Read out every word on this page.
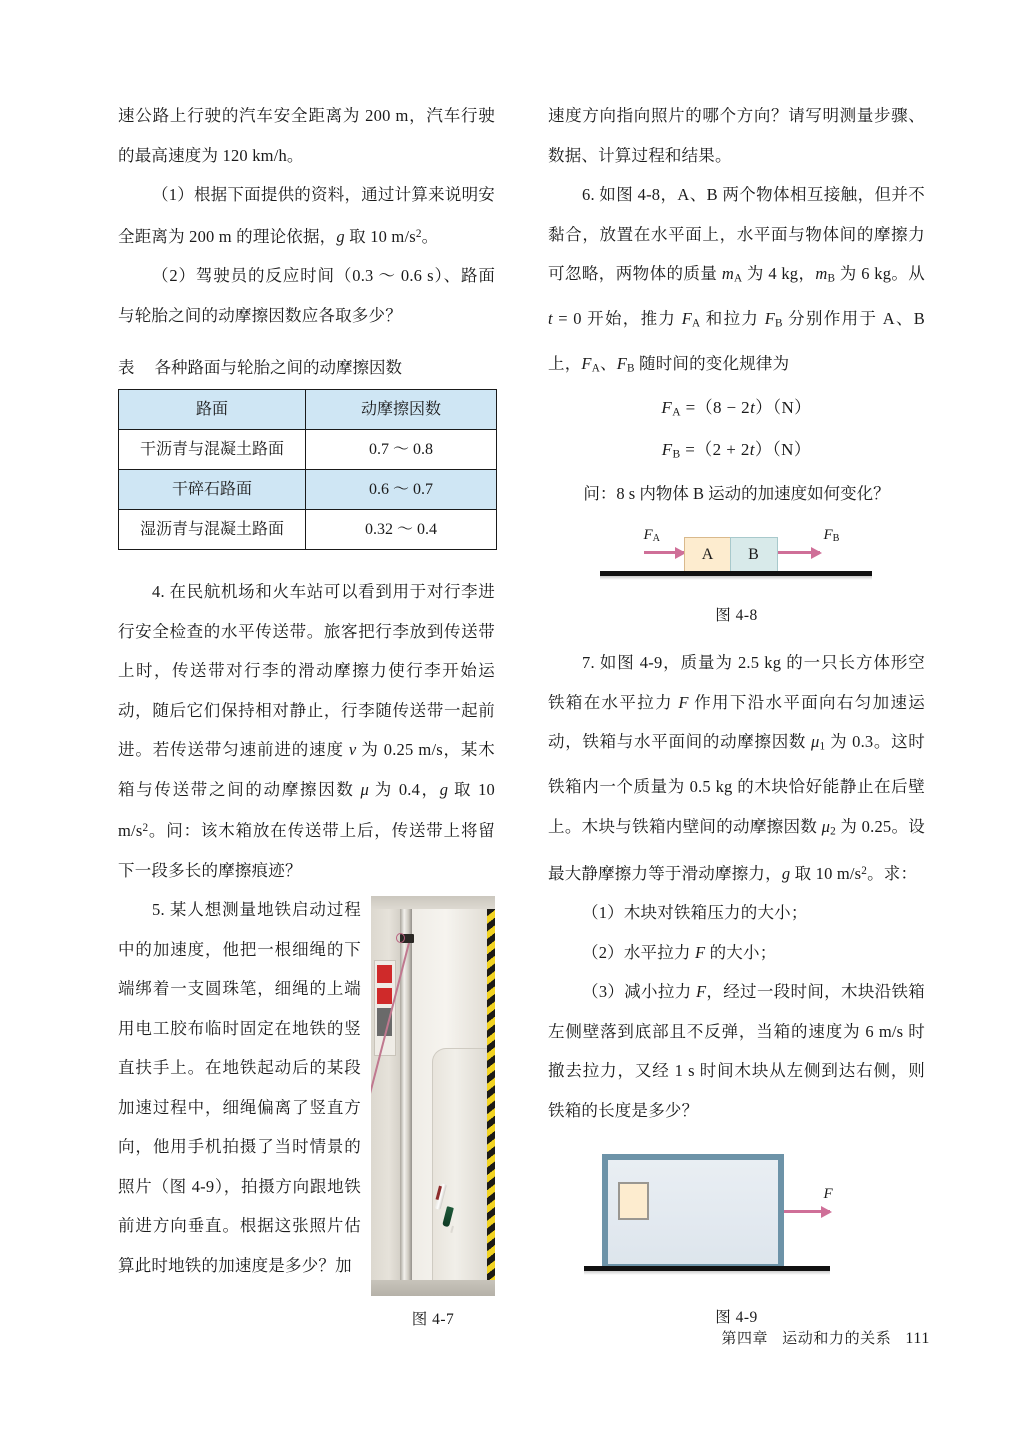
速公路上行驶的汽车安全距离为 200 m，汽车行驶的最高速度为 120 km/h。

（1）根据下面提供的资料，通过计算来说明安全距离为 200 m 的理论依据，g 取 10 $m/s^2$。

（2）驾驶员的反应时间（0.3 ～ 0.6 s）、路面与轮胎之间的动摩擦因数应各取多少？

表 各种路面与轮胎之间的动摩擦因数
路面	动摩擦因数
干沥青与混凝土路面	0.7 ～ 0.8
干碎石路面	0.6 ～ 0.7
湿沥青与混凝土路面	0.32 ～ 0.4

4. 在民航机场和火车站可以看到用于对行李进行安全检查的水平传送带。旅客把行李放到传送带上时，传送带对行李的滑动摩擦力使行李开始运动，随后它们保持相对静止，行李随传送带一起前进。若传送带匀速前进的速度 v 为 0.25 m/s，某木箱与传送带之间的动摩擦因数 μ 为 0.4，g 取 10 $m/s^2$。问：该木箱放在传送带上后，传送带上将留下一段多长的摩擦痕迹？

图 4-7

5. 某人想测量地铁启动过程中的加速度，他把一根细绳的下端绑着一支圆珠笔，细绳的上端用电工胶布临时固定在地铁的竖直扶手上。在地铁起动后的某段加速过程中，细绳偏离了竖直方向，他用手机拍摄了当时情景的照片（图 4-9），拍摄方向跟地铁前进方向垂直。根据这张照片估算此时地铁的加速度是多少？加

速度方向指向照片的哪个方向？请写明测量步骤、数据、计算过程和结果。

6. 如图 4-8，A、B 两个物体相互接触，但并不黏合，放置在水平面上，水平面与物体间的摩擦力可忽略，两物体的质量 $m_A$ 为 4 kg，$m_B$ 为 6 kg。从 t = 0 开始，推力 $F_A$ 和拉力 $F_B$ 分别作用于 A、B 上，$F_A$、$F_B$ 随时间的变化规律为

$F_A =(8 - 2t)(N)$
$F_B =(2 + 2t)(N)$
问：8 s 内物体 B 运动的加速度如何变化？
$F_A$	$F_B$
A	B
图 4-8

7. 如图 4-9，质量为 2.5 kg 的一只长方体形空铁箱在水平拉力 F 作用下沿水平面向右匀加速运动，铁箱与水平面间的动摩擦因数 $\mu_1$ 为 0.3。这时铁箱内一个质量为 0.5 kg 的木块恰好能静止在后壁上。木块与铁箱内壁间的动摩擦因数 $\mu_2$ 为 0.25。设最大静摩擦力等于滑动摩擦力，g 取 10 $m/s^2$。求：

（1）木块对铁箱压力的大小；

（2）水平拉力 F 的大小；

（3）减小拉力 F，经过一段时间，木块沿铁箱左侧壁落到底部且不反弹，当箱的速度为 6 m/s 时撤去拉力，又经 1 s 时间木块从左侧到达右侧，则铁箱的长度是多少？

F
图 4-9
第四章 运动和力的关系 111
